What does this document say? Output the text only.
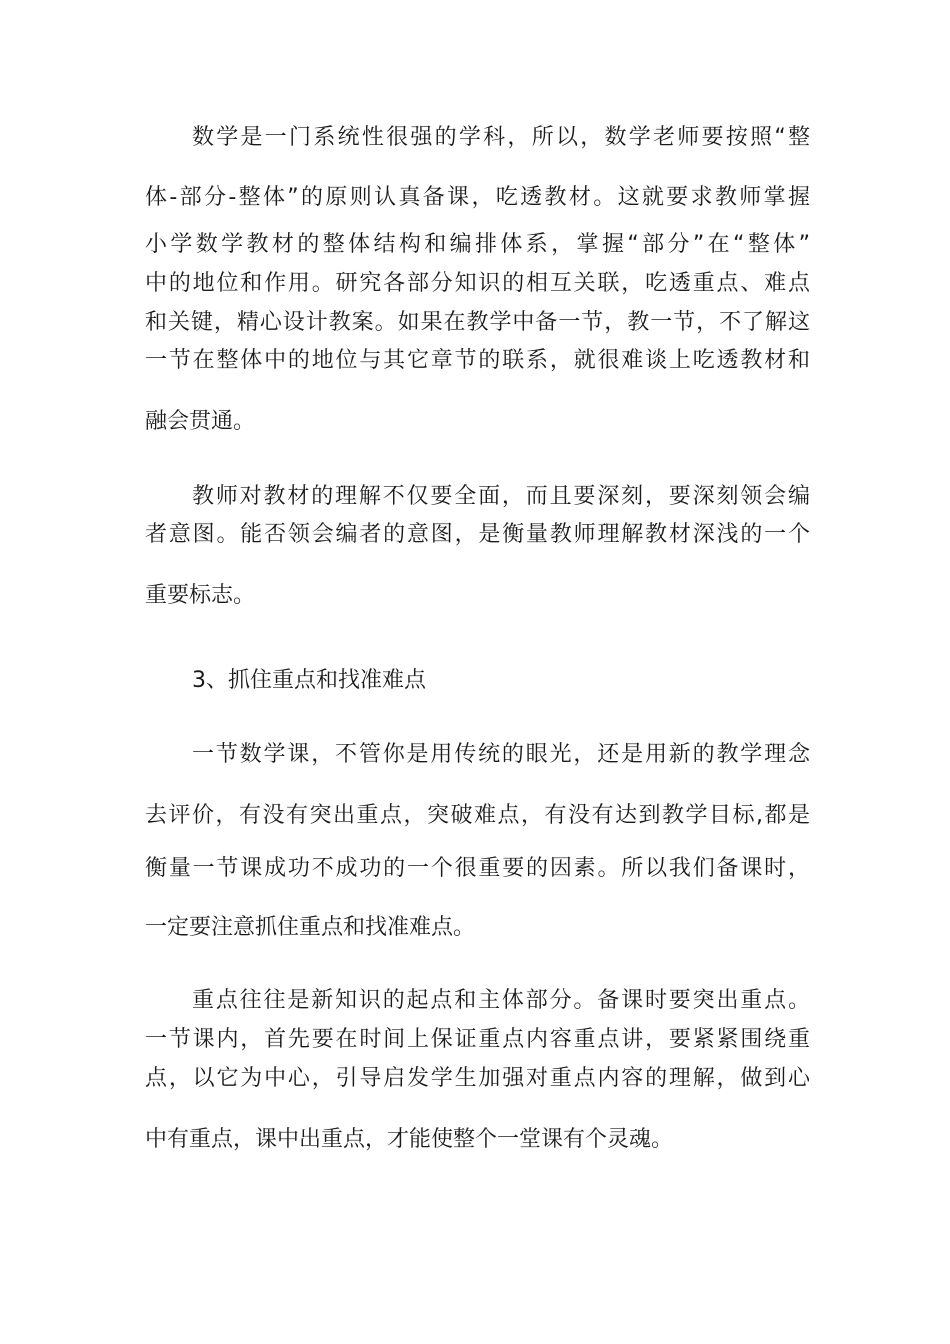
数学是一门系统性很强的学科，所以，数学老师要按照“整
体-部分-整体”的原则认真备课，吃透教材。这就要求教师掌握
小学数学教材的整体结构和编排体系，掌握“部分”在“整体”
中的地位和作用。研究各部分知识的相互关联，吃透重点、难点
和关键，精心设计教案。如果在教学中备一节，教一节，不了解这
一节在整体中的地位与其它章节的联系，就很难谈上吃透教材和
融会贯通。
教师对教材的理解不仅要全面，而且要深刻，要深刻领会编
者意图。能否领会编者的意图，是衡量教师理解教材深浅的一个
重要标志。
3、抓住重点和找准难点
一节数学课，不管你是用传统的眼光，还是用新的教学理念
去评价，有没有突出重点，突破难点，有没有达到教学目标,都是
衡量一节课成功不成功的一个很重要的因素。所以我们备课时，
一定要注意抓住重点和找准难点。
重点往往是新知识的起点和主体部分。备课时要突出重点。
一节课内，首先要在时间上保证重点内容重点讲，要紧紧围绕重
点，以它为中心，引导启发学生加强对重点内容的理解，做到心
中有重点，课中出重点，才能使整个一堂课有个灵魂。
